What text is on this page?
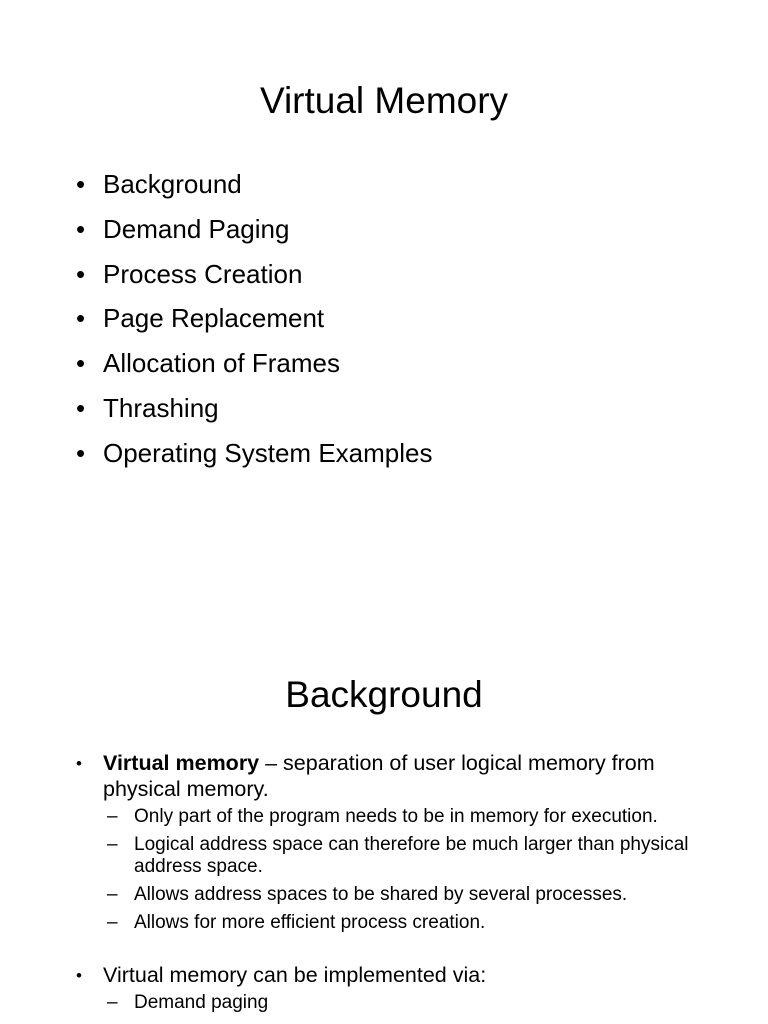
Virtual Memory
• Background
• Demand Paging
• Process Creation
• Page Replacement
• Allocation of Frames
• Thrashing
• Operating System Examples
Background
• Virtual memory – separation of user logical memory from physical memory.
– Only part of the program needs to be in memory for execution.
– Logical address space can therefore be much larger than physical address space.
– Allows address spaces to be shared by several processes.
– Allows for more efficient process creation.
• Virtual memory can be implemented via:
– Demand paging
